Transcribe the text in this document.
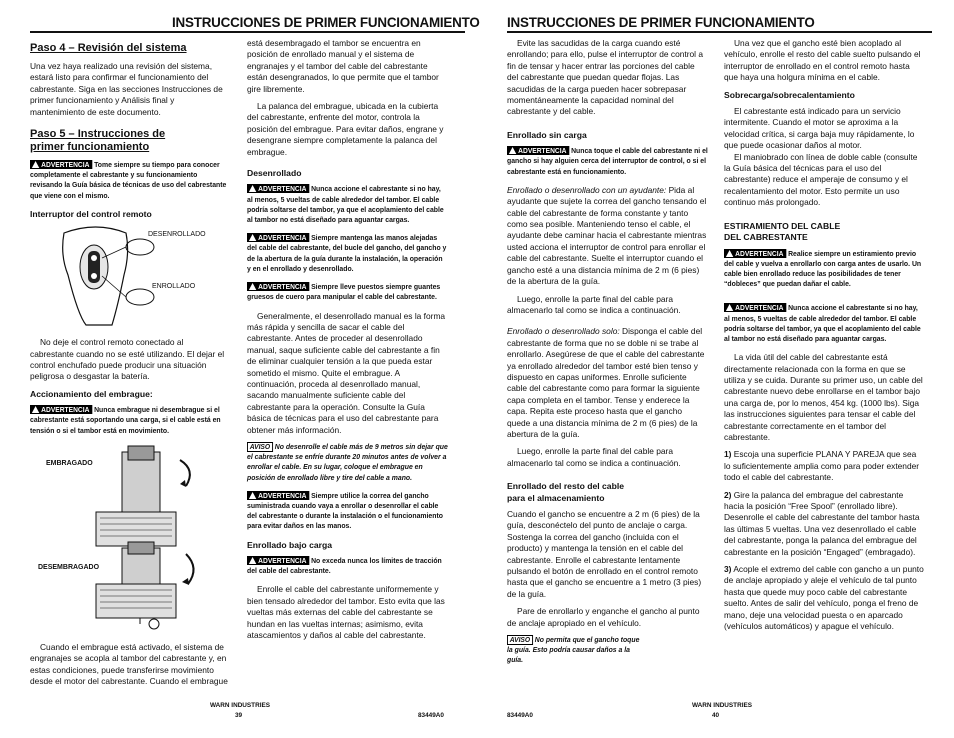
INSTRUCCIONES DE PRIMER FUNCIONAMIENTO
Paso 4 – Revisión del sistema

Una vez haya realizado una revisión del sistema, estará listo para confirmar el funcionamiento del cabrestante. Siga en las secciones Instrucciones de primer funcionamiento y Análisis final y mantenimiento de este documento.

Paso 5 – Instrucciones de primer funcionamiento
ADVERTENCIA Tome siempre su tiempo para conocer completamente el cabrestante y su funcionamiento revisando la Guía básica de técnicas de uso del cabrestante que viene con el mismo.
Interruptor del control remoto
DESENROLLADO
ENROLLADO

No deje el control remoto conectado al cabrestante cuando no se esté utilizando. El dejar el control enchufado puede producir una situación peligrosa o desgastar la batería.

Accionamiento del embrague:
ADVERTENCIA Nunca embrague ni desembrague si el cabrestante está soportando una carga, si el cable está en tensión o si el tambor está en movimiento.
EMBRAGADO
DESEMBRAGADO

Cuando el embrague está activado, el sistema de engranajes se acopla al tambor del cabrestante y, en estas condiciones, puede transferirse movimiento desde el motor del cabrestante. Cuando el embrague

está desembragado el tambor se encuentra en posición de enrollado manual y el sistema de engranajes y el tambor del cable del cabrestante están desengranados, lo que permite que el tambor gire libremente.

La palanca del embrague, ubicada en la cubierta del cabrestante, enfrente del motor, controla la posición del embrague. Para evitar daños, engrane y desengrane siempre completamente la palanca del embrague.

Desenrollado
ADVERTENCIA Nunca accione el cabrestante si no hay, al menos, 5 vueltas de cable alrededor del tambor. El cable podría soltarse del tambor, ya que el acoplamiento del cable al tambor no está diseñado para aguantar cargas.
ADVERTENCIA Siempre mantenga las manos alejadas del cable del cabrestante, del bucle del gancho, del gancho y de la abertura de la guía durante la instalación, la operación y en el enrollado y desenrollado.
ADVERTENCIA Siempre lleve puestos siempre guantes gruesos de cuero para manipular el cable del cabrestante.

Generalmente, el desenrollado manual es la forma más rápida y sencilla de sacar el cable del cabrestante. Antes de proceder al desenrollado manual, saque suficiente cable del cabrestante a fin de eliminar cualquier tensión a la que pueda estar sometido el mismo. Quite el embrague. A continuación, proceda al desenrollado manual, sacando manualmente suficiente cable del cabrestante para la operación. Consulte la Guía básica de técnicas para el uso del cabrestante para obtener más información.

AVISO No desenrolle el cable más de 9 metros sin dejar que el cabrestante se enfríe durante 20 minutos antes de volver a enrollar el cable. En su lugar, coloque el embrague en posición de enrollado libre y tire del cable a mano.
ADVERTENCIA Siempre utilice la correa del gancho suministrada cuando vaya a enrollar o desenrollar el cable del cabrestante o durante la instalación o el funcionamiento para evitar daños en las manos.
Enrollado bajo carga
ADVERTENCIA No exceda nunca los límites de tracción del cable del cabrestante.

Enrolle el cable del cabrestante uniformemente y bien tensado alrededor del tambor. Esto evita que las vueltas más externas del cable del cabrestante se hundan en las vueltas internas; asimismo, evita atascamientos y daños al cable del cabrestante.

WARN INDUSTRIES
39	83449A0
INSTRUCCIONES DE PRIMER FUNCIONAMIENTO

Evite las sacudidas de la carga cuando esté enrollando; para ello, pulse el interruptor de control a fin de tensar y hacer entrar las porciones del cable del cabrestante que puedan quedar flojas. Las sacudidas de la carga pueden hacer sobrepasar momentáneamente la capacidad nominal del cabrestante y del cable.

Enrollado sin carga
ADVERTENCIA Nunca toque el cable del cabrestante ni el gancho si hay alguien cerca del interruptor de control, o si el cabrestante está en funcionamiento.

Enrollado o desenrollado con un ayudante: Pida al ayudante que sujete la correa del gancho tensando el cable del cabrestante de forma constante y tanto como sea posible. Manteniendo tenso el cable, el ayudante debe caminar hacia el cabrestante mientras usted acciona el interruptor de control para enrollar el cable del cabrestante. Suelte el interruptor cuando el gancho esté a una distancia mínima de 2 m (6 pies) de la abertura de la guía.

Luego, enrolle la parte final del cable para almacenarlo tal como se indica a continuación.

Enrollado o desenrollado solo: Disponga el cable del cabrestante de forma que no se doble ni se trabe al enrollarlo. Asegúrese de que el cable del cabrestante ya enrollado alrededor del tambor esté bien tenso y dispuesto en capas uniformes. Enrolle suficiente cable del cabrestante como para formar la siguiente capa completa en el tambor. Tense y enderece la capa. Repita este proceso hasta que el gancho quede a una distancia mínima de 2 m (6 pies) de la abertura de la guía.

Luego, enrolle la parte final del cable para almacenarlo tal como se indica a continuación.

Enrollado del resto del cable para el almacenamiento

Cuando el gancho se encuentre a 2 m (6 pies) de la guía, desconéctelo del punto de anclaje o carga. Sostenga la correa del gancho (incluida con el producto) y mantenga la tensión en el cable del cabrestante. Enrolle el cabrestante lentamente pulsando el botón de enrollado en el control remoto hasta que el gancho se encuentre a 1 metro (3 pies) de la guía.

Pare de enrollarlo y enganche el gancho al punto de anclaje apropiado en el vehículo.

AVISO No permita que el gancho toque la guía. Esto podría causar daños a la guía.

Una vez que el gancho esté bien acoplado al vehículo, enrolle el resto del cable suelto pulsando el interruptor de enrollado en el control remoto hasta que haya una holgura mínima en el cable.

Sobrecarga/sobrecalentamiento

El cabrestante está indicado para un servicio intermitente. Cuando el motor se aproxima a la velocidad crítica, si carga baja muy rápidamente, lo que puede ocasionar daños al motor.

El maniobrado con línea de doble cable (consulte la Guía básica del técnicas para el uso del cabrestante) reduce el amperaje de consumo y el recalentamiento del motor. Esto permite un uso continuo más prolongado.

ESTIRAMIENTO DEL CABLE DEL CABRESTANTE
ADVERTENCIA Realice siempre un estiramiento previo del cable y vuelva a enrollarlo con carga antes de usarlo. Un cable bien enrollado reduce las posibilidades de tener “dobleces” que puedan dañar el cable.
ADVERTENCIA Nunca accione el cabrestante si no hay, al menos, 5 vueltas de cable alrededor del tambor. El cable podría soltarse del tambor, ya que el acoplamiento del cable al tambor no está diseñado para aguantar cargas.

La vida útil del cable del cabrestante está directamente relacionada con la forma en que se utiliza y se cuida. Durante su primer uso, un cable del cabrestante nuevo debe enrollarse en el tambor bajo una carga de, por lo menos, 454 kg. (1000 lbs). Siga las instrucciones siguientes para tensar el cable del cabrestante correctamente en el tambor del cabrestante.

1) Escoja una superficie PLANA Y PAREJA que sea lo suficientemente amplia como para poder extender todo el cable del cabrestante.

2) Gire la palanca del embrague del cabrestante hacia la posición “Free Spool” (enrollado libre). Desenrolle el cable del cabrestante del tambor hasta las últimas 5 vueltas. Una vez desenrollado el cable del cabrestante, ponga la palanca del embrague del cabrestante en la posición “Engaged” (embragado).

3) Acople el extremo del cable con gancho a un punto de anclaje apropiado y aleje el vehículo de tal punto hasta que quede muy poco cable del cabrestante suelto. Antes de salir del vehículo, ponga el freno de mano, deje una velocidad puesta o en aparcado (vehículos automáticos) y apague el vehículo.

WARN INDUSTRIES
40
83449A0
